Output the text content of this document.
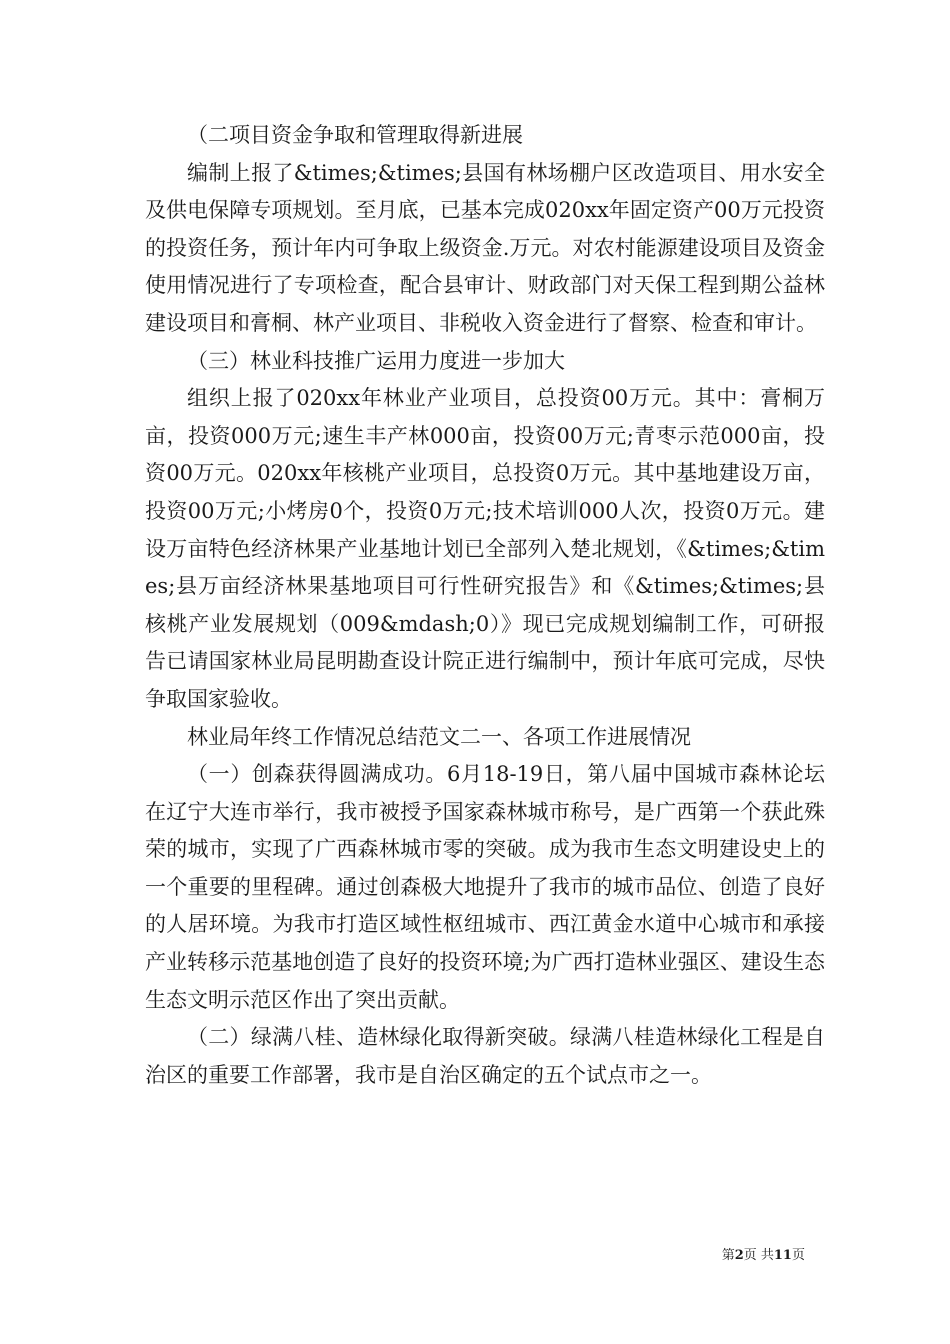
（二项目资金争取和管理取得新进展

编制上报了&times;&times;县国有林场棚户区改造项目、用水安全及供电保障专项规划。至月底，已基本完成020xx年固定资产00万元投资的投资任务，预计年内可争取上级资金.万元。对农村能源建设项目及资金使用情况进行了专项检查，配合县审计、财政部门对天保工程到期公益林建设项目和膏桐、林产业项目、非税收入资金进行了督察、检查和审计。

（三）林业科技推广运用力度进一步加大

组织上报了020xx年林业产业项目，总投资00万元。其中：膏桐万亩，投资000万元;速生丰产林000亩，投资00万元;青枣示范000亩，投资00万元。020xx年核桃产业项目，总投资0万元。其中基地建设万亩，投资00万元;小烤房0个，投资0万元;技术培训000人次，投资0万元。建设万亩特色经济林果产业基地计划已全部列入楚北规划，《&times;&times;县万亩经济林果基地项目可行性研究报告》和《&times;&times;县核桃产业发展规划（009&mdash;0）》现已完成规划编制工作，可研报告已请国家林业局昆明勘查设计院正进行编制中，预计年底可完成，尽快争取国家验收。

林业局年终工作情况总结范文二一、各项工作进展情况

（一）创森获得圆满成功。6月18-19日，第八届中国城市森林论坛在辽宁大连市举行，我市被授予国家森林城市称号，是广西第一个获此殊荣的城市，实现了广西森林城市零的突破。成为我市生态文明建设史上的一个重要的里程碑。通过创森极大地提升了我市的城市品位、创造了良好的人居环境。为我市打造区域性枢纽城市、西江黄金水道中心城市和承接产业转移示范基地创造了良好的投资环境;为广西打造林业强区、建设生态生态文明示范区作出了突出贡献。

（二）绿满八桂、造林绿化取得新突破。绿满八桂造林绿化工程是自治区的重要工作部署，我市是自治区确定的五个试点市之一。

第2页 共11页
